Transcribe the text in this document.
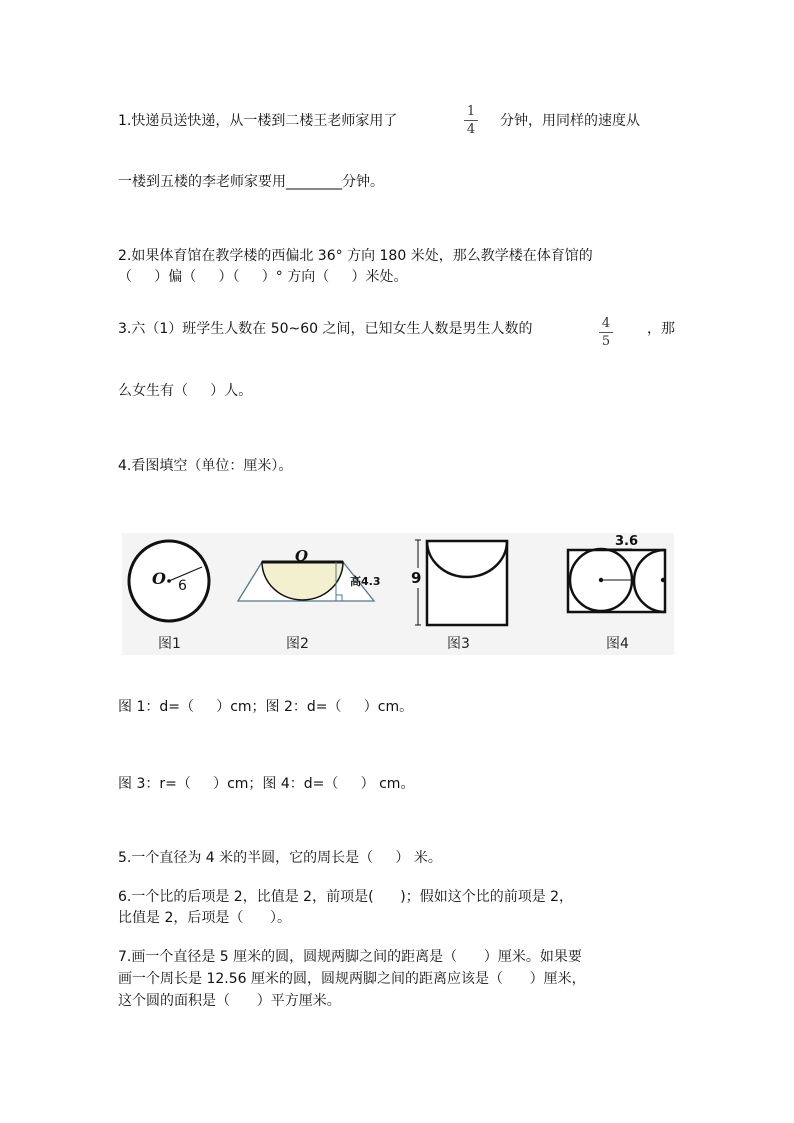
1.快递员送快递，从一楼到二楼王老师家用了
1
4
分钟，用同样的速度从
一楼到五楼的李老师家要用________分钟。
2.如果体育馆在教学楼的西偏北 36° 方向 180 米处，那么教学楼在体育馆的
（     ）偏（     ）（     ）° 方向（     ）米处。
3.六（1）班学生人数在 50~60 之间，已知女生人数是男生人数的	4
5
，那
么女生有（     ）人。
4.看图填空（单位：厘米）。
O 6
O
高4.3 9
3.6
图1	图2	图3	图4
图 1：d=（     ）cm；图 2：d=（     ）cm。
图 3：r=（     ）cm；图 4：d=（     ） cm。
5.一个直径为 4 米的半圆，它的周长是（     ） 米。
6.一个比的后项是 2，比值是 2，前项是(      )；假如这个比的前项是 2，
比值是 2，后项是（      ）。
7.画一个直径是 5 厘米的圆，圆规两脚之间的距离是（      ）厘米。如果要
画一个周长是 12.56 厘米的圆，圆规两脚之间的距离应该是（      ）厘米，
这个圆的面积是（      ）平方厘米。
